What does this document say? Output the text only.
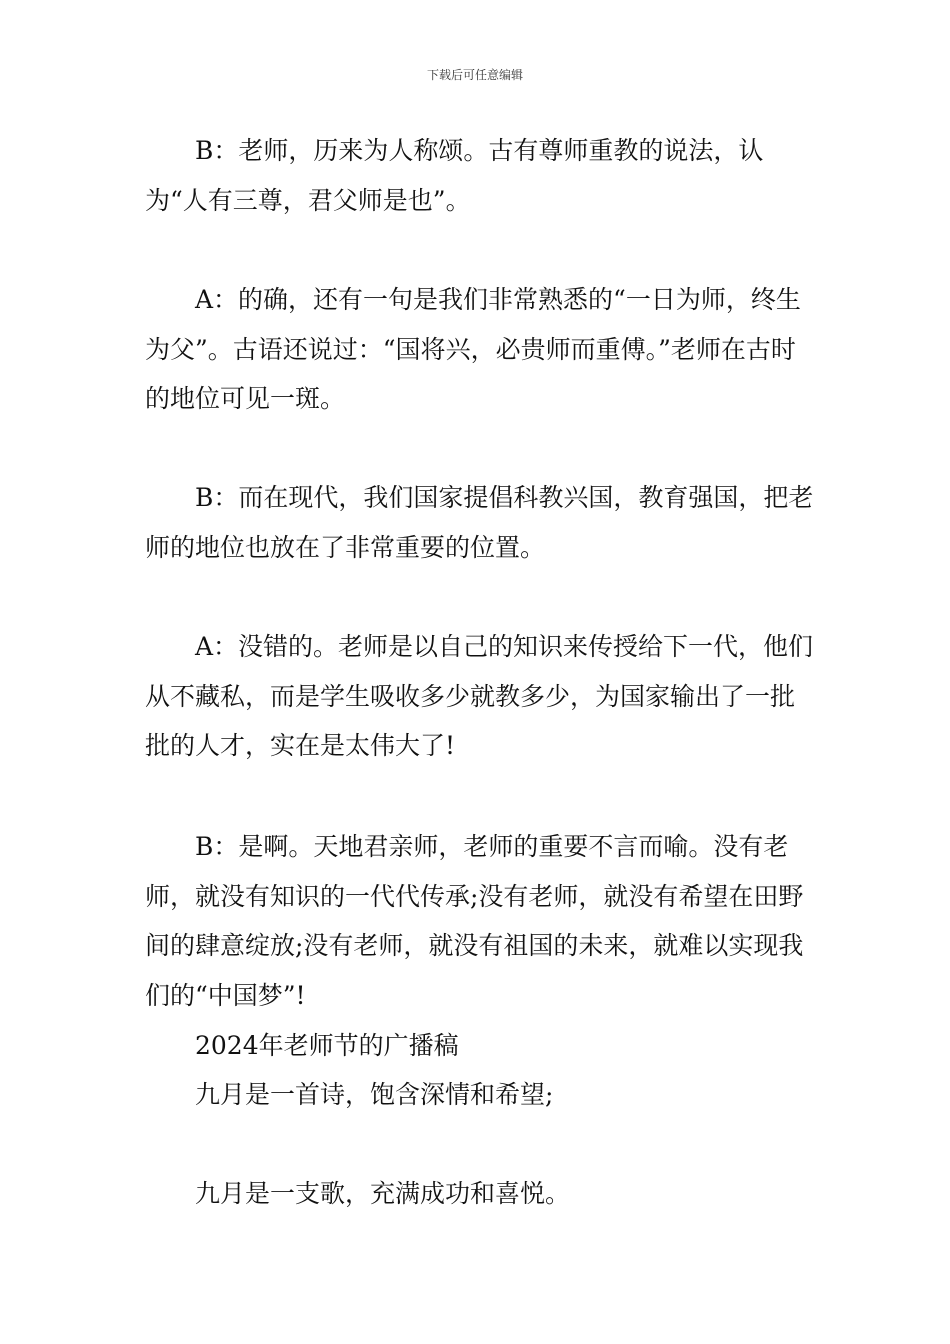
下载后可任意编辑

B：老师，历来为人称颂。古有尊师重教的说法，认为“人有三尊，君父师是也”。

A：的确，还有一句是我们非常熟悉的“一日为师，终生为父”。古语还说过：“国将兴，必贵师而重傅。”老师在古时的地位可见一斑。

B：而在现代，我们国家提倡科教兴国，教育强国，把老师的地位也放在了非常重要的位置。

A：没错的。老师是以自己的知识来传授给下一代，他们从不藏私，而是学生吸收多少就教多少，为国家输出了一批批的人才，实在是太伟大了!

B：是啊。天地君亲师，老师的重要不言而喻。没有老师，就没有知识的一代代传承;没有老师，就没有希望在田野间的肆意绽放;没有老师，就没有祖国的未来，就难以实现我们的“中国梦”!

2024年老师节的广播稿

九月是一首诗，饱含深情和希望;

九月是一支歌，充满成功和喜悦。
